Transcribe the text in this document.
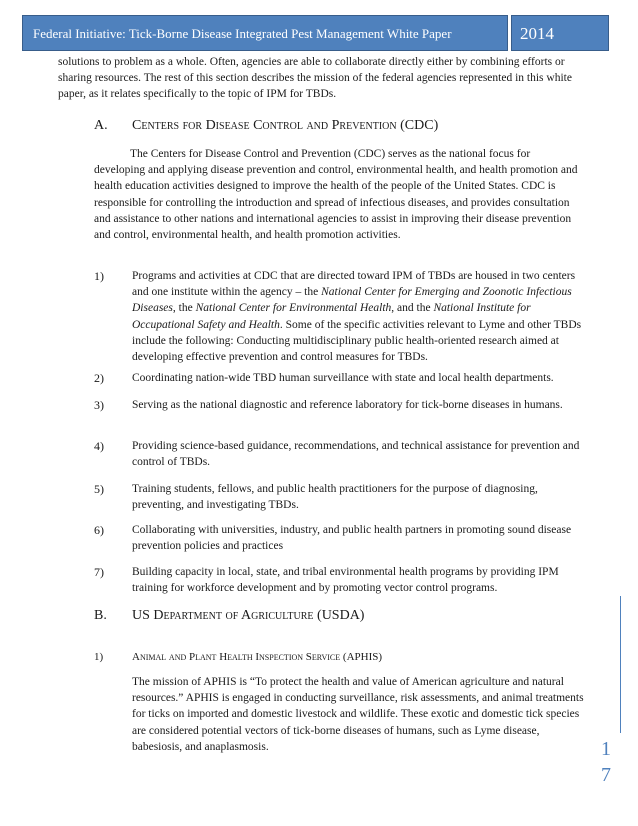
Federal Initiative: Tick-Borne Disease Integrated Pest Management White Paper	2014
solutions to problem as a whole. Often, agencies are able to collaborate directly either by combining efforts or sharing resources. The rest of this section describes the mission of the federal agencies represented in this white paper, as it relates specifically to the topic of IPM for TBDs.
A. Centers for Disease Control and Prevention (CDC)
The Centers for Disease Control and Prevention (CDC) serves as the national focus for developing and applying disease prevention and control, environmental health, and health promotion and health education activities designed to improve the health of the people of the United States. CDC is responsible for controlling the introduction and spread of infectious diseases, and provides consultation and assistance to other nations and international agencies to assist in improving their disease prevention and control, environmental health, and health promotion activities.
1) Programs and activities at CDC that are directed toward IPM of TBDs are housed in two centers and one institute within the agency – the National Center for Emerging and Zoonotic Infectious Diseases, the National Center for Environmental Health, and the National Institute for Occupational Safety and Health. Some of the specific activities relevant to Lyme and other TBDs include the following: Conducting multidisciplinary public health-oriented research aimed at developing effective prevention and control measures for TBDs.
2) Coordinating nation-wide TBD human surveillance with state and local health departments.
3) Serving as the national diagnostic and reference laboratory for tick-borne diseases in humans.
4) Providing science-based guidance, recommendations, and technical assistance for prevention and control of TBDs.
5) Training students, fellows, and public health practitioners for the purpose of diagnosing, preventing, and investigating TBDs.
6) Collaborating with universities, industry, and public health partners in promoting sound disease prevention policies and practices
7) Building capacity in local, state, and tribal environmental health programs by providing IPM training for workforce development and by promoting vector control programs.
B. US Department of Agriculture (USDA)
1)	Animal and Plant Health Inspection Service (APHIS)
The mission of APHIS is “To protect the health and value of American agriculture and natural resources.” APHIS is engaged in conducting surveillance, risk assessments, and animal treatments for ticks on imported and domestic livestock and wildlife. These exotic and domestic tick species are considered potential vectors of tick-borne diseases of humans, such as Lyme disease, babesiosis, and anaplasmosis.	1
7
